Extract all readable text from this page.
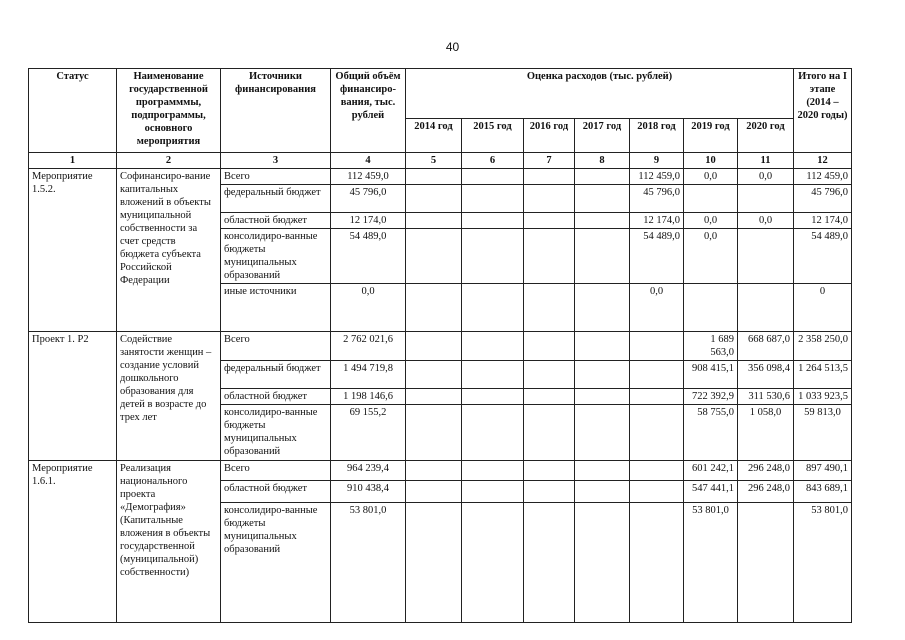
40
Статус	Наименование государственной программмы, подпрограммы, основного мероприятия	Источники финансирования	Общий объём финансиро-вания, тыс. рублей	Оценка расходов (тыс. рублей)							Итого на I этапе (2014 – 2020 годы)
				2014 год	2015 год	2016 год	2017 год	2018 год	2019 год	2020 год	
1	2	3	4	5	6	7	8	9	10	11	12
Мероприятие 1.5.2.	Софинансиро-вание капитальных вложений в объекты муниципальной собственности за счет средств бюджета субъекта Российской Федерации	Всего	112 459,0					112 459,0	0,0	0,0	112 459,0
		федеральный бюджет	45 796,0					45 796,0			45 796,0
		областной бюджет	12 174,0					12 174,0	0,0	0,0	12 174,0
		консолидиро-ванные бюджеты муниципальных образований	54 489,0					54 489,0	0,0		54 489,0
		иные источники	0,0					0,0			0
Проект 1. Р2	Содействие занятости женщин – создание условий дошкольного образования для детей в возрасте до трех лет	Всего	2 762 021,6						1 689 563,0	668 687,0	2 358 250,0
		федеральный бюджет	1 494 719,8						908 415,1	356 098,4	1 264 513,5
		областной бюджет	1 198 146,6						722 392,9	311 530,6	1 033 923,5
		консолидиро-ванные бюджеты муниципальных образований	69 155,2						58 755,0	1 058,0	59 813,0
Мероприятие 1.6.1.	Реализация национального проекта «Демография» (Капитальные вложения в объекты государственной (муниципальной) собственности)	Всего	964 239,4						601 242,1	296 248,0	897 490,1
		областной бюджет	910 438,4						547 441,1	296 248,0	843 689,1
		консолидиро-ванные бюджеты муниципальных образований	53 801,0						53 801,0		53 801,0
